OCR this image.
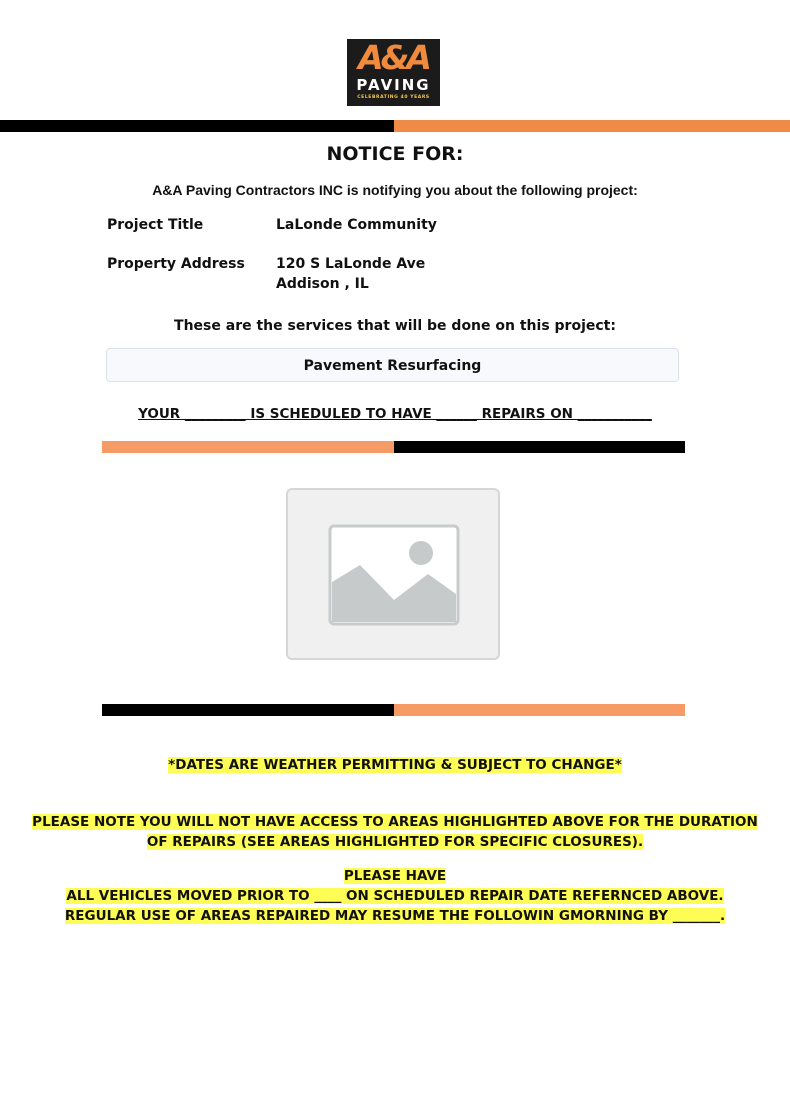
A&A
PAVING
CELEBRATING 40 YEARS
NOTICE FOR:
A&A Paving Contractors INC is notifying you about the following project:
Project Title	LaLonde Community
Property Address 120 S LaLonde Ave
Addison , IL
These are the services that will be done on this project:
Pavement Resurfacing
YOUR _________ IS SCHEDULED TO HAVE ______ REPAIRS ON ___________
*DATES ARE WEATHER PERMITTING & SUBJECT TO CHANGE*
PLEASE NOTE YOU WILL NOT HAVE ACCESS TO AREAS HIGHLIGHTED ABOVE FOR THE DURATION
OF REPAIRS (SEE AREAS HIGHLIGHTED FOR SPECIFIC CLOSURES).
PLEASE HAVE
ALL VEHICLES MOVED PRIOR TO ____ ON SCHEDULED REPAIR DATE REFERNCED ABOVE.
REGULAR USE OF AREAS REPAIRED MAY RESUME THE FOLLOWIN GMORNING BY _______.
